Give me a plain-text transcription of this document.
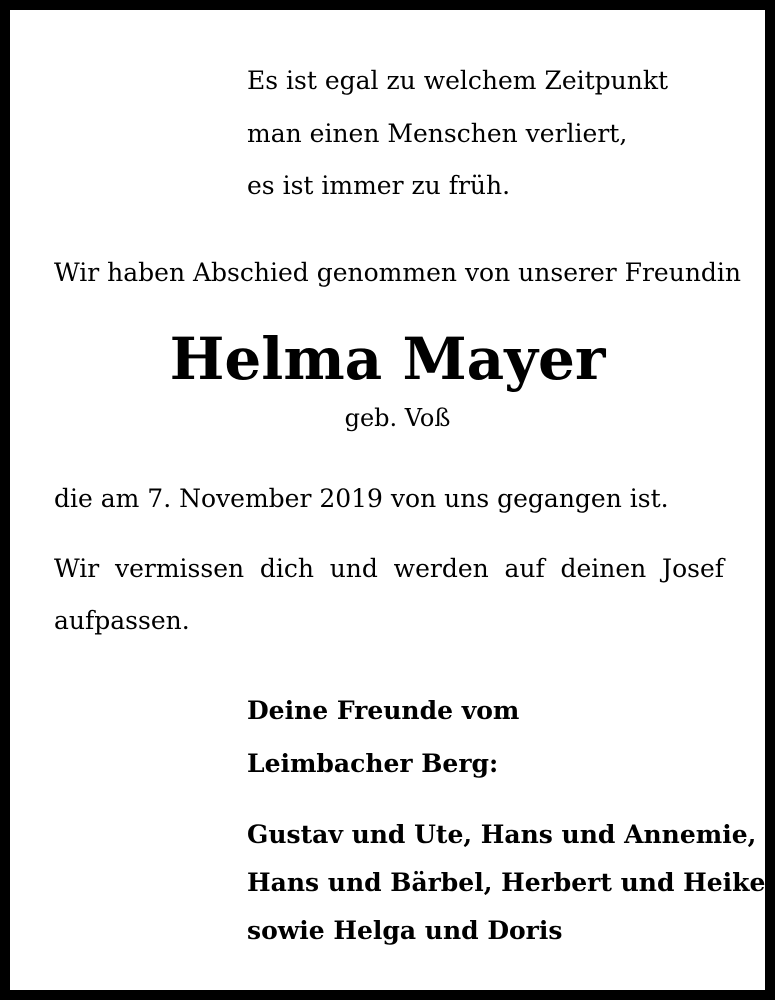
Es ist egal zu welchem Zeitpunkt

man einen Menschen verliert,

es ist immer zu früh.

Wir haben Abschied genommen von unserer Freundin

Helma Mayer

geb. Voß

die am 7. November 2019 von uns gegangen ist.

Wir vermissen dich und werden auf deinen Josef

aufpassen.

Deine Freunde vom

Leimbacher Berg:

Gustav und Ute, Hans und Annemie,

Hans und Bärbel, Herbert und Heike

sowie Helga und Doris
